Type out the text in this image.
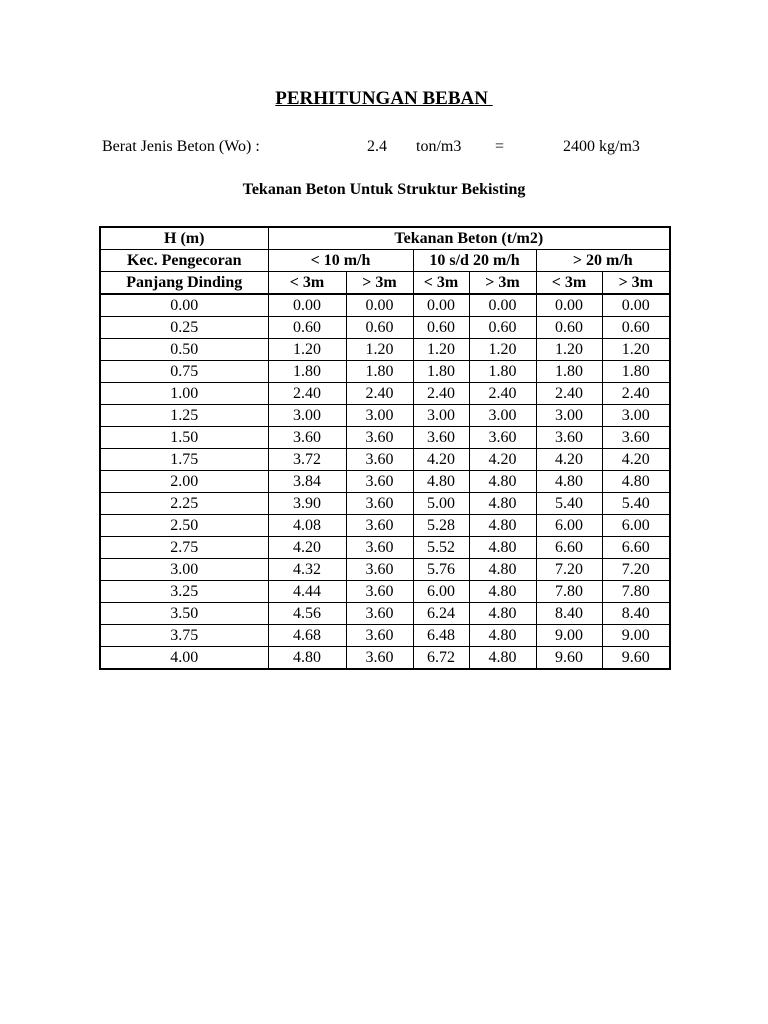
PERHITUNGAN BEBAN
Berat Jenis Beton (Wo) :	2.4 ton/m3 =	2400 kg/m3
Tekanan Beton Untuk Struktur Bekisting
H (m)	Tekanan Beton (t/m2)					
Kec. Pengecoran	< 10 m/h		10 s/d 20 m/h		> 20 m/h	
Panjang Dinding	< 3m	> 3m	< 3m	> 3m	< 3m	> 3m
0.00	0.00	0.00	0.00	0.00	0.00	0.00
0.25	0.60	0.60	0.60	0.60	0.60	0.60
0.50	1.20	1.20	1.20	1.20	1.20	1.20
0.75	1.80	1.80	1.80	1.80	1.80	1.80
1.00	2.40	2.40	2.40	2.40	2.40	2.40
1.25	3.00	3.00	3.00	3.00	3.00	3.00
1.50	3.60	3.60	3.60	3.60	3.60	3.60
1.75	3.72	3.60	4.20	4.20	4.20	4.20
2.00	3.84	3.60	4.80	4.80	4.80	4.80
2.25	3.90	3.60	5.00	4.80	5.40	5.40
2.50	4.08	3.60	5.28	4.80	6.00	6.00
2.75	4.20	3.60	5.52	4.80	6.60	6.60
3.00	4.32	3.60	5.76	4.80	7.20	7.20
3.25	4.44	3.60	6.00	4.80	7.80	7.80
3.50	4.56	3.60	6.24	4.80	8.40	8.40
3.75	4.68	3.60	6.48	4.80	9.00	9.00
4.00	4.80	3.60	6.72	4.80	9.60	9.60
